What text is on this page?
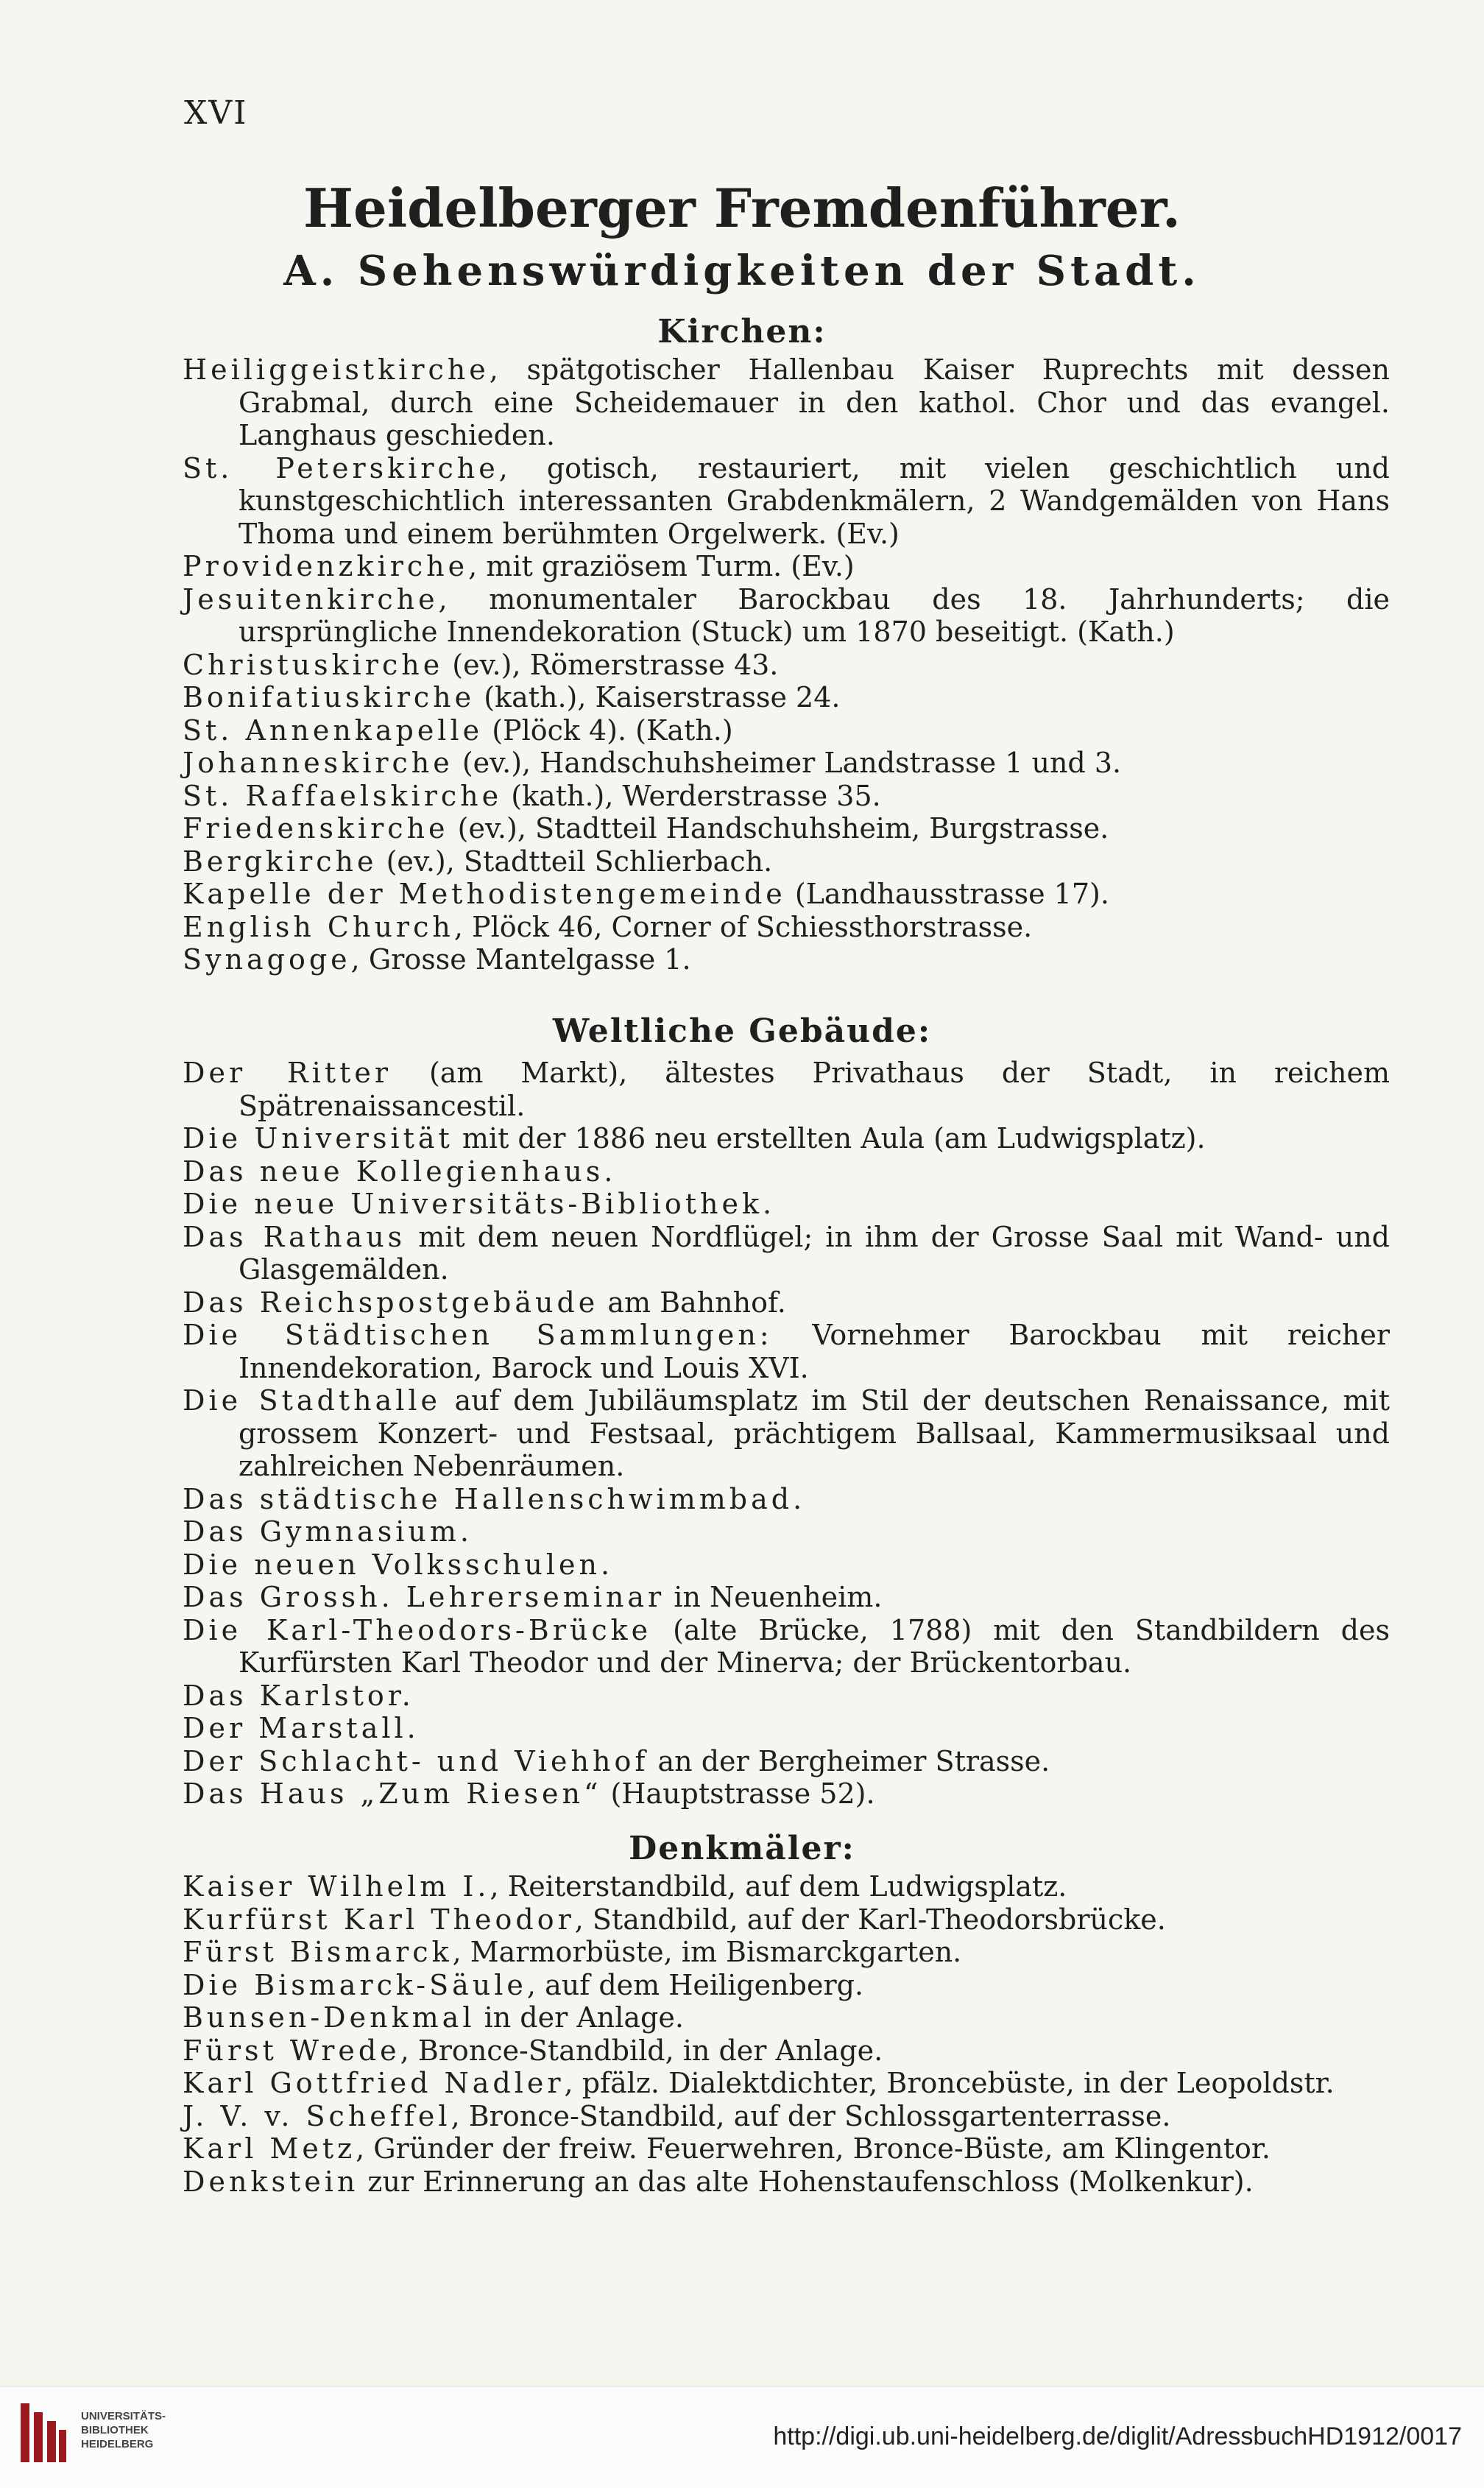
XVI
Heidelberger Fremdenführer.
A. Sehenswürdigkeiten der Stadt.
Kirchen:
Heiliggeistkirche, spätgotischer Hallenbau Kaiser Ruprechts mit dessen Grabmal, durch eine Scheidemauer in den kathol. Chor und das evangel. Langhaus geschieden.
St. Peterskirche, gotisch, restauriert, mit vielen geschichtlich und kunstgeschichtlich interessanten Grabdenkmälern, 2 Wandgemälden von Hans Thoma und einem berühmten Orgelwerk. (Ev.)
Providenzkirche, mit graziösem Turm. (Ev.)
Jesuitenkirche, monumentaler Barockbau des 18. Jahrhunderts; die ursprüngliche Innendekoration (Stuck) um 1870 beseitigt. (Kath.)
Christuskirche (ev.), Römerstrasse 43.
Bonifatiuskirche (kath.), Kaiserstrasse 24.
St. Annenkapelle (Plöck 4). (Kath.)
Johanneskirche (ev.), Handschuhsheimer Landstrasse 1 und 3.
St. Raffaelskirche (kath.), Werderstrasse 35.
Friedenskirche (ev.), Stadtteil Handschuhsheim, Burgstrasse.
Bergkirche (ev.), Stadtteil Schlierbach.
Kapelle der Methodistengemeinde (Landhausstrasse 17).
English Church, Plöck 46, Corner of Schiessthorstrasse.
Synagoge, Grosse Mantelgasse 1.
Weltliche Gebäude:
Der Ritter (am Markt), ältestes Privathaus der Stadt, in reichem Spätrenaissancestil.
Die Universität mit der 1886 neu erstellten Aula (am Ludwigsplatz).
Das neue Kollegienhaus.
Die neue Universitäts-Bibliothek.
Das Rathaus mit dem neuen Nordflügel; in ihm der Grosse Saal mit Wand- und Glasgemälden.
Das Reichspostgebäude am Bahnhof.
Die Städtischen Sammlungen: Vornehmer Barockbau mit reicher Innendekoration, Barock und Louis XVI.
Die Stadthalle auf dem Jubiläumsplatz im Stil der deutschen Renaissance, mit grossem Konzert- und Festsaal, prächtigem Ballsaal, Kammermusiksaal und zahlreichen Nebenräumen.
Das städtische Hallenschwimmbad.
Das Gymnasium.
Die neuen Volksschulen.
Das Grossh. Lehrerseminar in Neuenheim.
Die Karl-Theodors-Brücke (alte Brücke, 1788) mit den Standbildern des Kurfürsten Karl Theodor und der Minerva; der Brückentorbau.
Das Karlstor.
Der Marstall.
Der Schlacht- und Viehhof an der Bergheimer Strasse.
Das Haus „Zum Riesen“ (Hauptstrasse 52).
Denkmäler:
Kaiser Wilhelm I., Reiterstandbild, auf dem Ludwigsplatz.
Kurfürst Karl Theodor, Standbild, auf der Karl-Theodorsbrücke.
Fürst Bismarck, Marmorbüste, im Bismarckgarten.
Die Bismarck-Säule, auf dem Heiligenberg.
Bunsen-Denkmal in der Anlage.
Fürst Wrede, Bronce-Standbild, in der Anlage.
Karl Gottfried Nadler, pfälz. Dialektdichter, Broncebüste, in der Leopoldstr.
J. V. v. Scheffel, Bronce-Standbild, auf der Schlossgartenterrasse.
Karl Metz, Gründer der freiw. Feuerwehren, Bronce-Büste, am Klingentor.
Denkstein zur Erinnerung an das alte Hohenstaufenschloss (Molkenkur).
UNIVERSITÄTS-
BIBLIOTHEK
HEIDELBERG	http://digi.ub.uni-heidelberg.de/diglit/AdressbuchHD1912/0017
